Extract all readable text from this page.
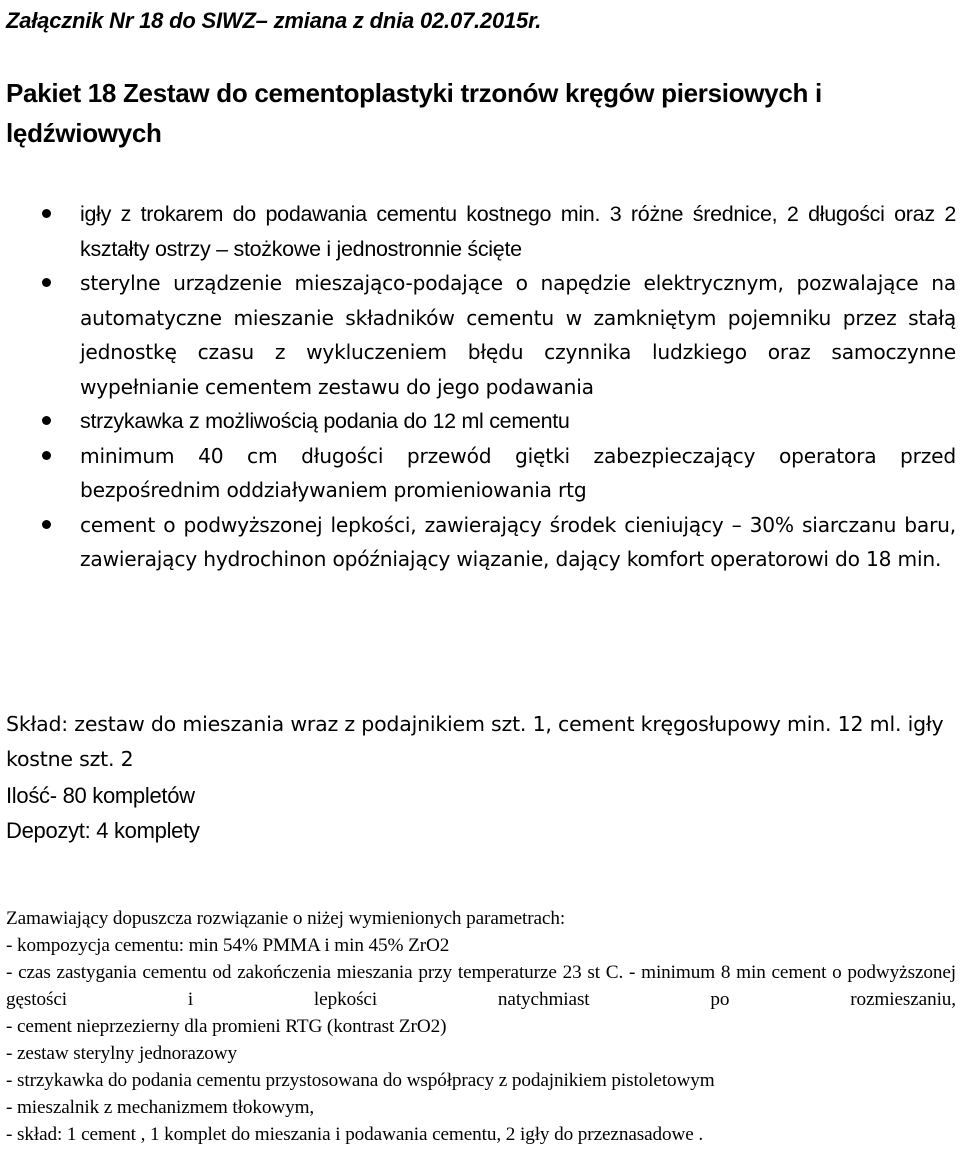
Załącznik Nr 18 do SIWZ– zmiana z dnia 02.07.2015r.
Pakiet 18 Zestaw do cementoplastyki trzonów kręgów piersiowych i lędźwiowych
igły z trokarem do podawania cementu kostnego min. 3 różne średnice, 2 długości oraz 2 kształty ostrzy – stożkowe i jednostronnie ścięte
sterylne urządzenie mieszająco-podające o napędzie elektrycznym, pozwalające na automatyczne mieszanie składników cementu w zamkniętym pojemniku przez stałą jednostkę czasu z wykluczeniem błędu czynnika ludzkiego oraz samoczynne wypełnianie cementem zestawu do jego podawania
strzykawka z możliwością podania do 12 ml cementu
minimum 40 cm długości przewód giętki zabezpieczający operatora przed bezpośrednim oddziaływaniem promieniowania rtg
cement o podwyższonej lepkości, zawierający środek cieniujący – 30% siarczanu baru, zawierający hydrochinon opóźniający wiązanie, dający komfort operatorowi do 18 min.
Skład: zestaw do mieszania wraz z podajnikiem szt. 1, cement kręgosłupowy min. 12 ml. igły kostne szt. 2
Ilość- 80 kompletów
Depozyt: 4 komplety
Zamawiający dopuszcza rozwiązanie o niżej wymienionych parametrach:
- kompozycja cementu: min 54% PMMA i min 45% ZrO2
- czas zastygania cementu od zakończenia mieszania przy temperaturze 23 st C. - minimum 8 min cement o podwyższonej gęstości i lepkości natychmiast po rozmieszaniu,
- cement nieprzezierny dla promieni RTG (kontrast ZrO2)
- zestaw sterylny jednorazowy
- strzykawka do podania cementu przystosowana do współpracy z podajnikiem pistoletowym
- mieszalnik z mechanizmem tłokowym,
- skład: 1 cement , 1 komplet do mieszania i podawania cementu, 2 igły do przeznasadowe .
